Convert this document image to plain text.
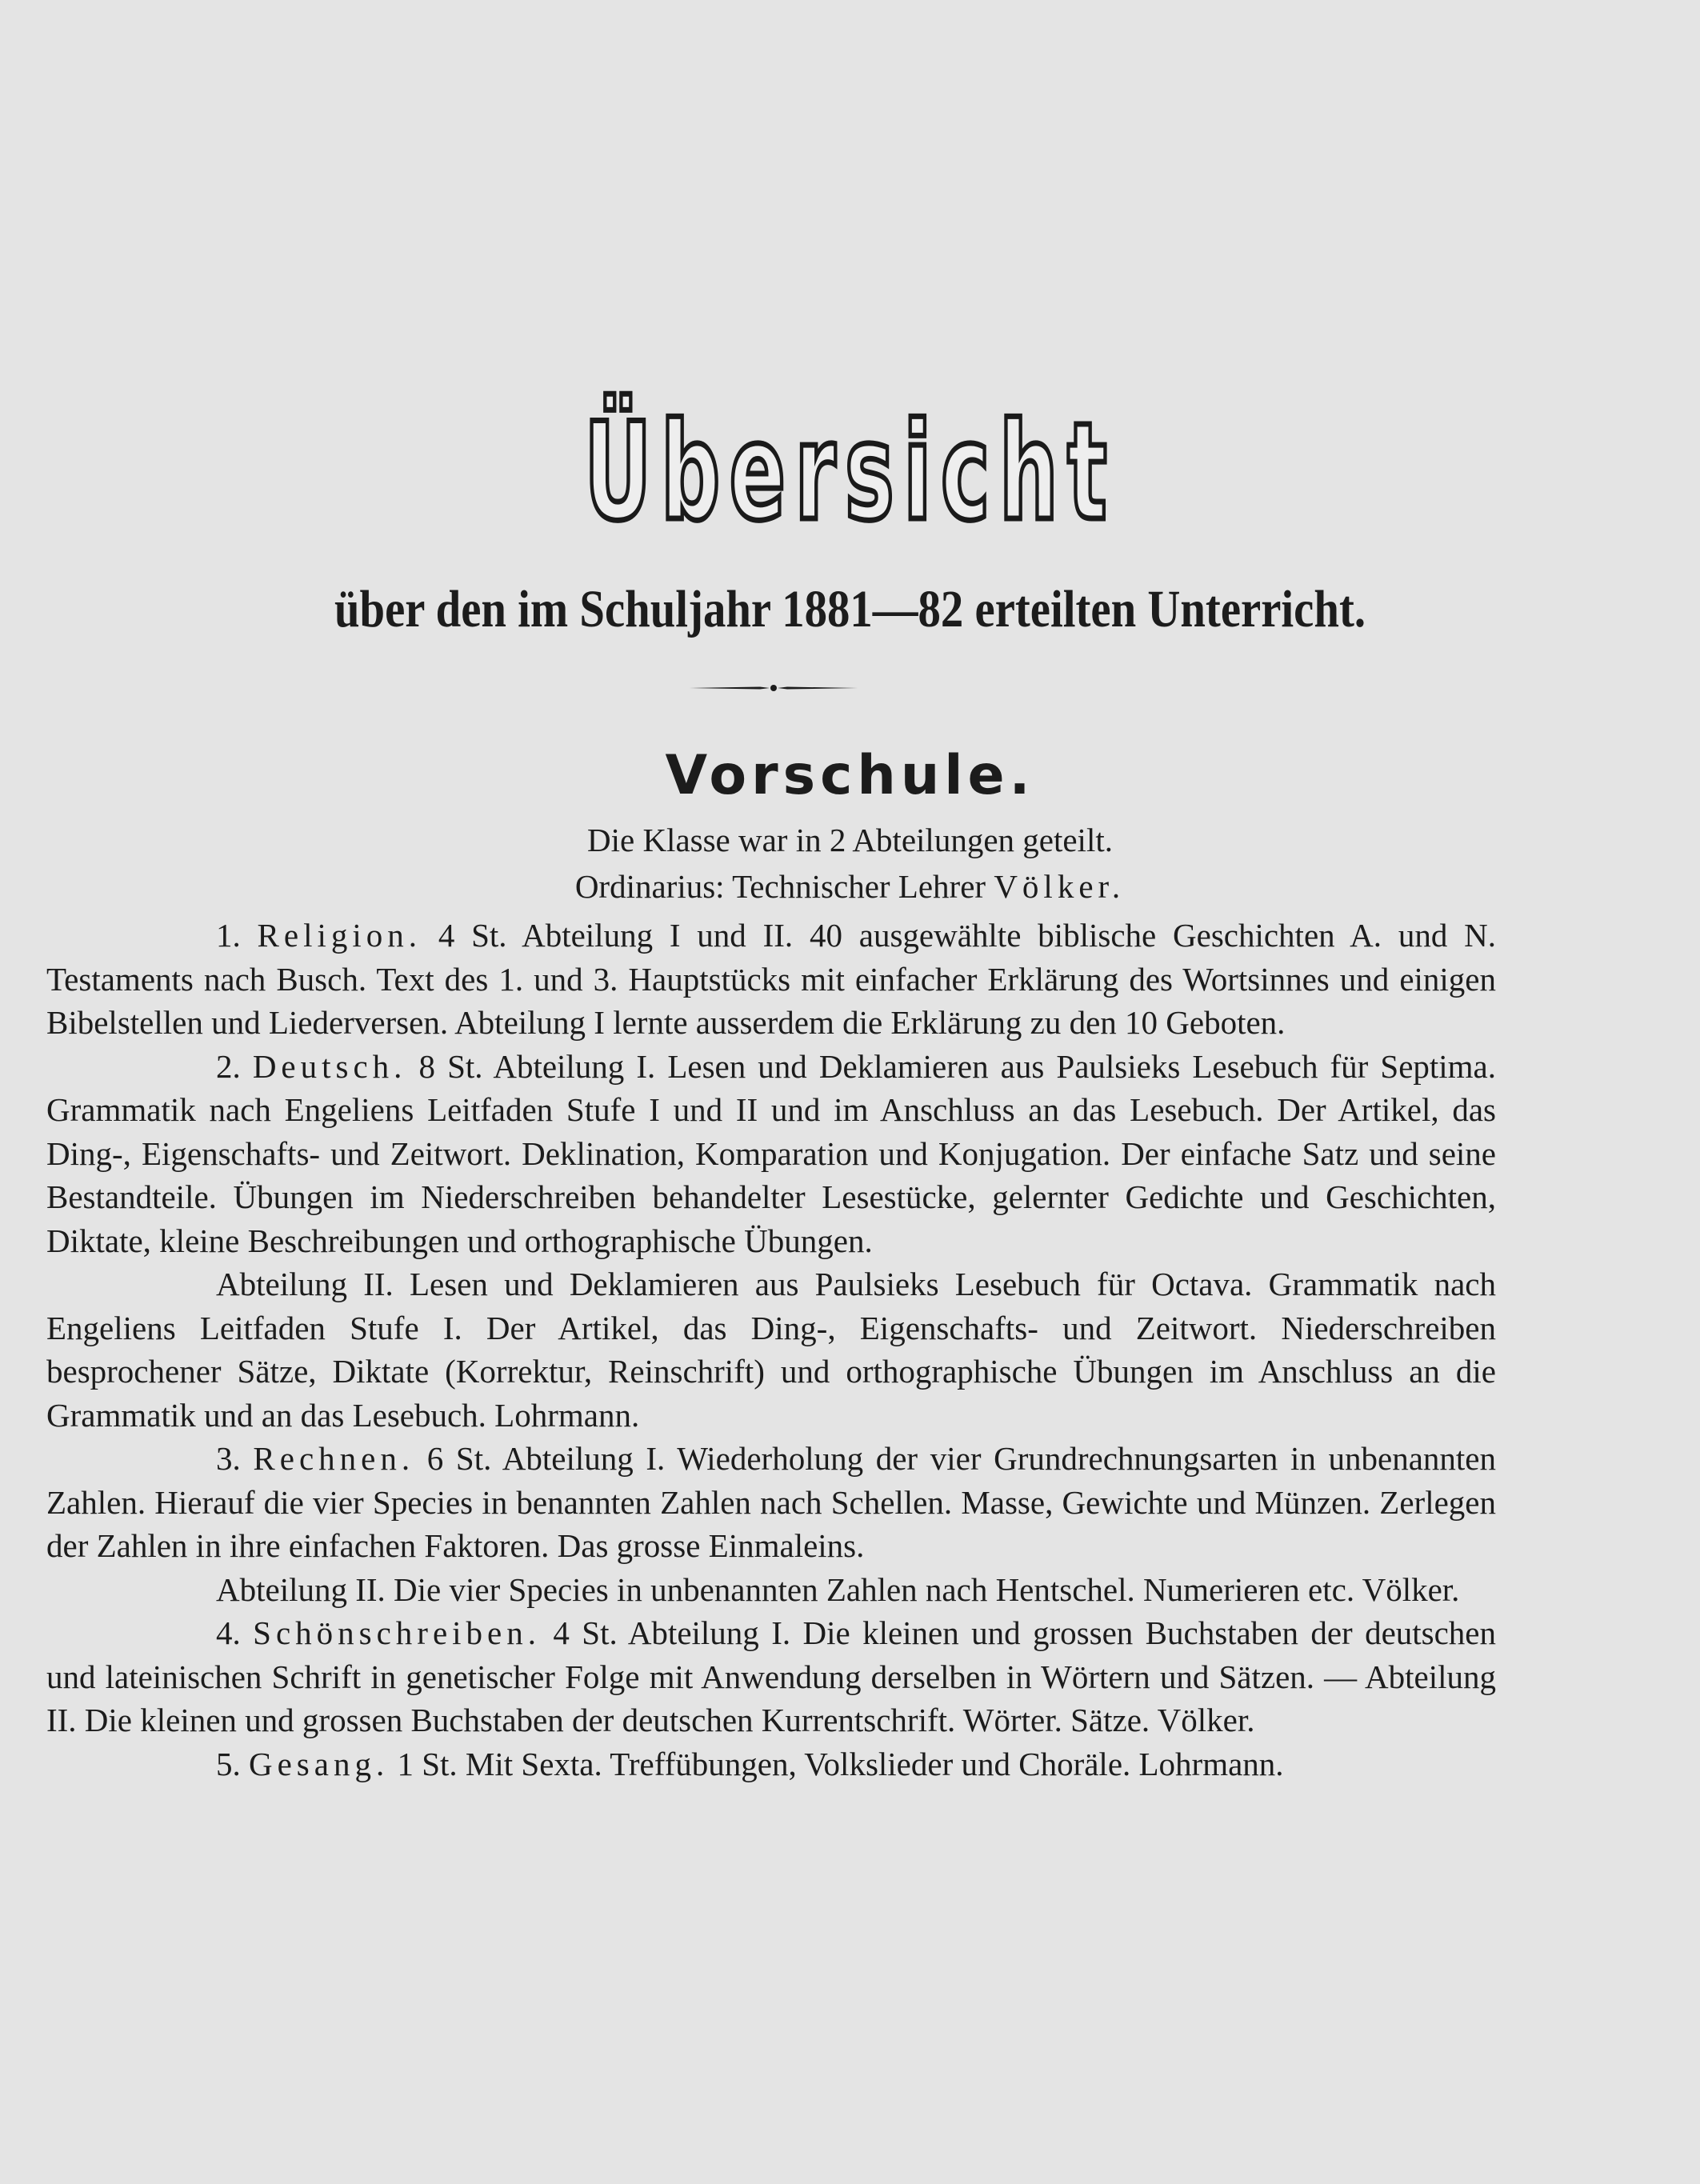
Übersicht
über den im Schuljahr 1881—82 erteilten Unterricht.
Vorschule.
Die Klasse war in 2 Abteilungen geteilt.
Ordinarius: Technischer Lehrer Völker.

1. Religion. 4 St. Abteilung I und II. 40 ausgewählte biblische Geschichten A. und N. Testaments nach Busch. Text des 1. und 3. Hauptstücks mit einfacher Erklärung des Wortsinnes und einigen Bibelstellen und Liederversen. Abteilung I lernte ausserdem die Erklärung zu den 10 Geboten.

2. Deutsch. 8 St. Abteilung I. Lesen und Deklamieren aus Paulsieks Lesebuch für Septima. Grammatik nach Engeliens Leitfaden Stufe I und II und im Anschluss an das Lesebuch. Der Artikel, das Ding-, Eigenschafts- und Zeitwort. Deklination, Komparation und Konjugation. Der einfache Satz und seine Bestandteile. Übungen im Niederschreiben behandelter Lesestücke, gelernter Gedichte und Geschichten, Diktate, kleine Beschreibungen und orthographische Übungen.

Abteilung II. Lesen und Deklamieren aus Paulsieks Lesebuch für Octava. Grammatik nach Engeliens Leitfaden Stufe I. Der Artikel, das Ding-, Eigenschafts- und Zeitwort. Niederschreiben besprochener Sätze, Diktate (Korrektur, Reinschrift) und orthographische Übungen im Anschluss an die Grammatik und an das Lesebuch. Lohrmann.

3. Rechnen. 6 St. Abteilung I. Wiederholung der vier Grundrechnungsarten in unbenannten Zahlen. Hierauf die vier Species in benannten Zahlen nach Schellen. Masse, Gewichte und Münzen. Zerlegen der Zahlen in ihre einfachen Faktoren. Das grosse Einmaleins.

Abteilung II. Die vier Species in unbenannten Zahlen nach Hentschel. Numerieren etc. Völker.

4. Schönschreiben. 4 St. Abteilung I. Die kleinen und grossen Buchstaben der deutschen und lateinischen Schrift in genetischer Folge mit Anwendung derselben in Wörtern und Sätzen. — Abteilung II. Die kleinen und grossen Buchstaben der deutschen Kurrentschrift. Wörter. Sätze. Völker.

5. Gesang. 1 St. Mit Sexta. Treffübungen, Volkslieder und Choräle. Lohrmann.
